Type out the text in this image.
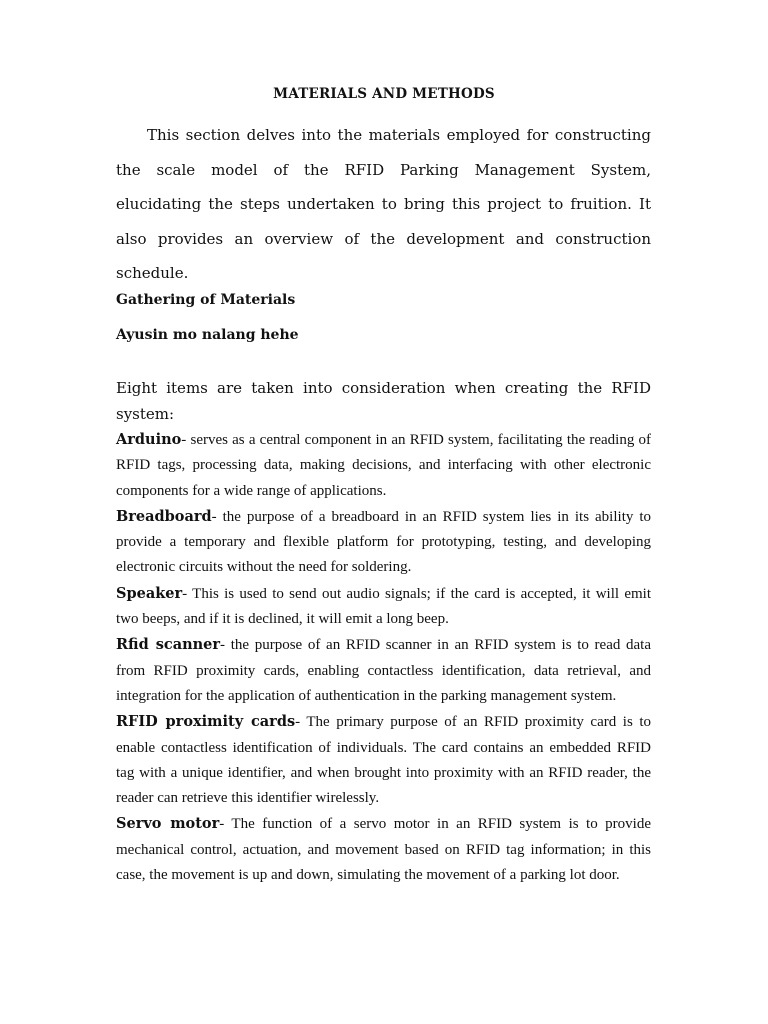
MATERIALS AND METHODS

This section delves into the materials employed for constructing the scale model of the RFID Parking Management System, elucidating the steps undertaken to bring this project to fruition. It also provides an overview of the development and construction schedule.

Gathering of Materials
Ayusin mo nalang hehe

Eight items are taken into consideration when creating the RFID system:

Arduino- serves as a central component in an RFID system, facilitating the reading of RFID tags, processing data, making decisions, and interfacing with other electronic components for a wide range of applications.
Breadboard- the purpose of a breadboard in an RFID system lies in its ability to provide a temporary and flexible platform for prototyping, testing, and developing electronic circuits without the need for soldering.
Speaker- This is used to send out audio signals; if the card is accepted, it will emit two beeps, and if it is declined, it will emit a long beep.
Rfid scanner- the purpose of an RFID scanner in an RFID system is to read data from RFID proximity cards, enabling contactless identification, data retrieval, and integration for the application of authentication in the parking management system.
RFID proximity cards- The primary purpose of an RFID proximity card is to enable contactless identification of individuals. The card contains an embedded RFID tag with a unique identifier, and when brought into proximity with an RFID reader, the reader can retrieve this identifier wirelessly.
Servo motor- The function of a servo motor in an RFID system is to provide mechanical control, actuation, and movement based on RFID tag information; in this case, the movement is up and down, simulating the movement of a parking lot door.
